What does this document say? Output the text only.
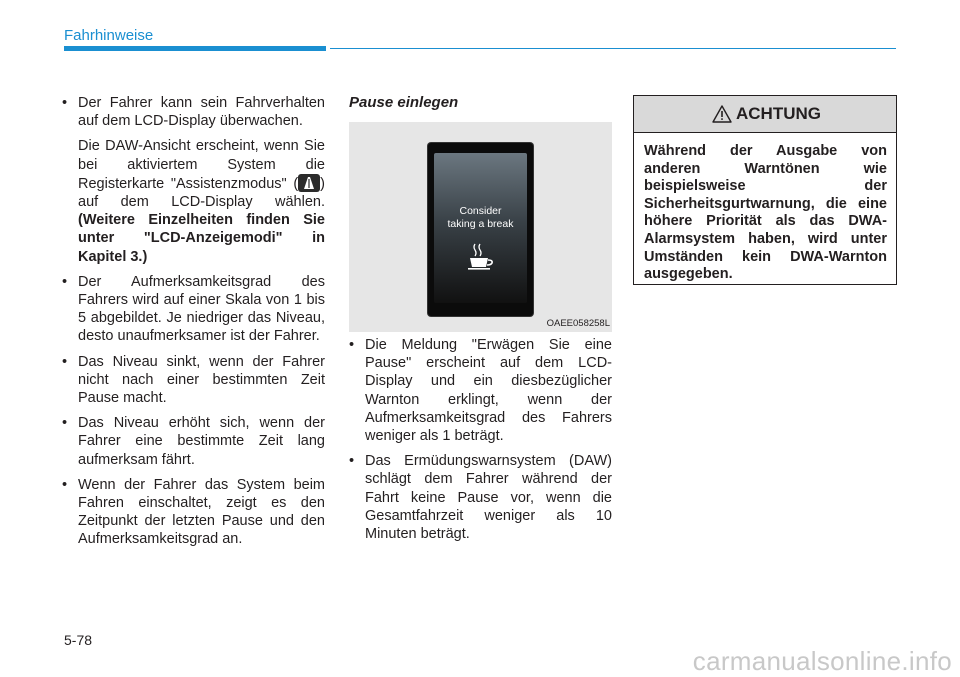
Fahrhinweise
• Der Fahrer kann sein Fahrverhalten auf dem LCD-Display überwachen.
Die DAW-Ansicht erscheint, wenn Sie bei aktiviertem System die Registerkarte "Assistenzmodus" ( ) auf dem LCD-Display wählen. (Weitere Einzelheiten finden Sie unter "LCD-Anzeigemodi" in Kapitel 3.)
• Der Aufmerksamkeitsgrad des Fahrers wird auf einer Skala von 1 bis 5 abgebildet. Je niedriger das Niveau, desto unaufmerksamer ist der Fahrer.
• Das Niveau sinkt, wenn der Fahrer nicht nach einer bestimmten Zeit Pause macht.
• Das Niveau erhöht sich, wenn der Fahrer eine bestimmte Zeit lang aufmerksam fährt.
• Wenn der Fahrer das System beim Fahren einschaltet, zeigt es den Zeitpunkt der letzten Pause und den Aufmerksamkeitsgrad an.
Pause einlegen
Consider
taking a break
OAEE058258L
• Die Meldung "Erwägen Sie eine Pause" erscheint auf dem LCD-Display und ein diesbezüglicher Warnton erklingt, wenn der Aufmerksamkeitsgrad des Fahrers weniger als 1 beträgt.
• Das Ermüdungswarnsystem (DAW) schlägt dem Fahrer während der Fahrt keine Pause vor, wenn die Gesamtfahrzeit weniger als 10 Minuten beträgt.
ACHTUNG
Während der Ausgabe von anderen Warntönen wie beispielsweise der Sicherheitsgurtwarnung, die eine höhere Priorität als das DWA-Alarmsystem haben, wird unter Umständen kein DWA-Warnton ausgegeben.
5-78
carmanualsonline.info
